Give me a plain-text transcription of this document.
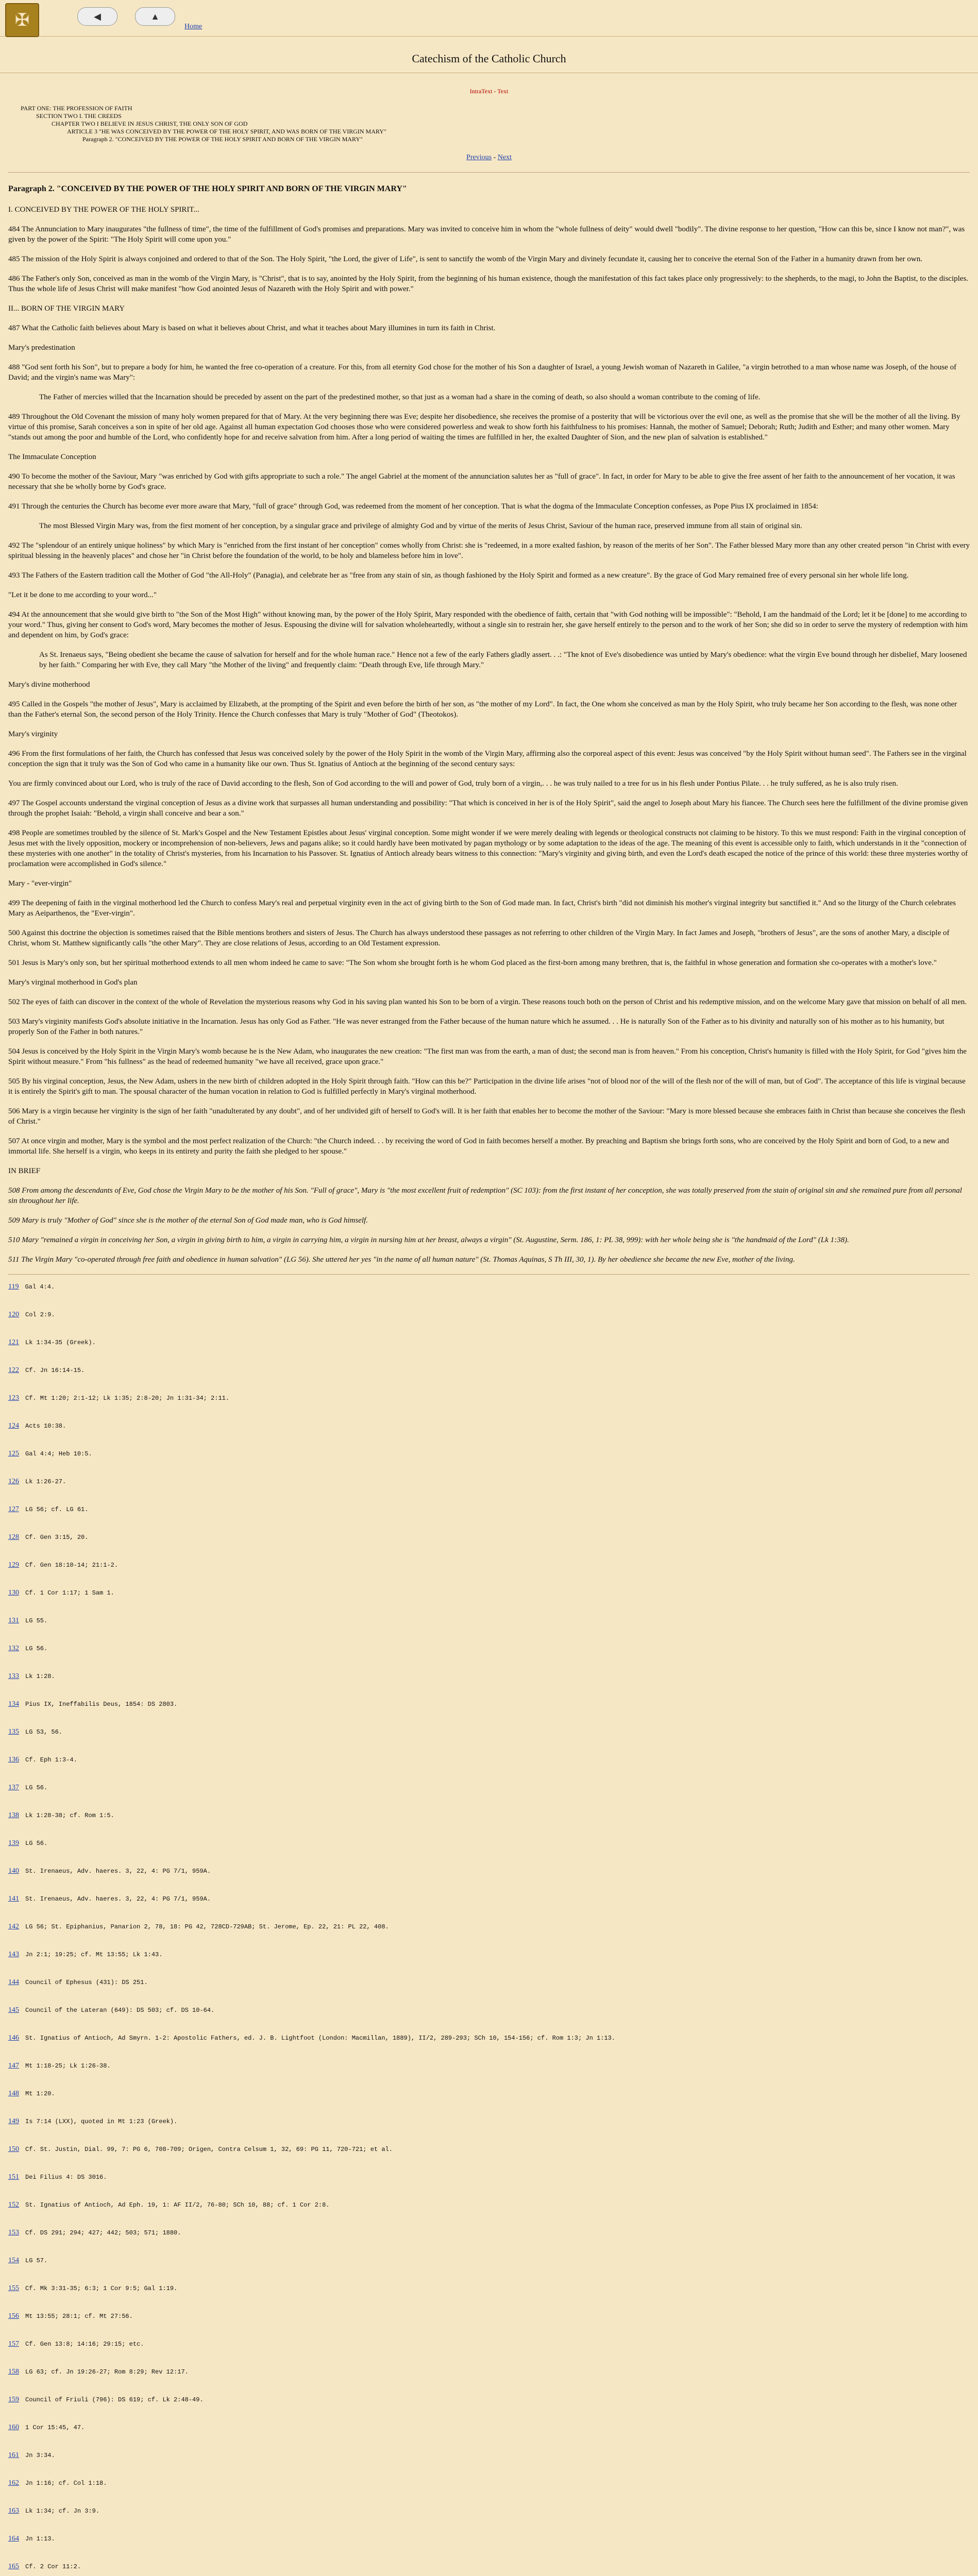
✠	◀	▲
Home
Catechism of the Catholic Church
IntraText - Text
PART ONE: THE PROFESSION OF FAITH
SECTION TWO I. THE CREEDS
CHAPTER TWO I BELIEVE IN JESUS CHRIST, THE ONLY SON OF GOD
ARTICLE 3 "HE WAS CONCEIVED BY THE POWER OF THE HOLY SPIRIT, AND WAS BORN OF THE VIRGIN MARY"
Paragraph 2. "CONCEIVED BY THE POWER OF THE HOLY SPIRIT AND BORN OF THE VIRGIN MARY"
Previous - Next
Paragraph 2. "CONCEIVED BY THE POWER OF THE HOLY SPIRIT AND BORN OF THE VIRGIN MARY"

I. CONCEIVED BY THE POWER OF THE HOLY SPIRIT...

484 The Annunciation to Mary inaugurates "the fullness of time", the time of the fulfillment of God's promises and preparations. Mary was invited to conceive him in whom the "whole fullness of deity" would dwell "bodily". The divine response to her question, "How can this be, since I know not man?", was given by the power of the Spirit: "The Holy Spirit will come upon you."

485 The mission of the Holy Spirit is always conjoined and ordered to that of the Son. The Holy Spirit, "the Lord, the giver of Life", is sent to sanctify the womb of the Virgin Mary and divinely fecundate it, causing her to conceive the eternal Son of the Father in a humanity drawn from her own.

486 The Father's only Son, conceived as man in the womb of the Virgin Mary, is "Christ", that is to say, anointed by the Holy Spirit, from the beginning of his human existence, though the manifestation of this fact takes place only progressively: to the shepherds, to the magi, to John the Baptist, to the disciples. Thus the whole life of Jesus Christ will make manifest "how God anointed Jesus of Nazareth with the Holy Spirit and with power."

II... BORN OF THE VIRGIN MARY

487 What the Catholic faith believes about Mary is based on what it believes about Christ, and what it teaches about Mary illumines in turn its faith in Christ.

Mary's predestination

488 "God sent forth his Son", but to prepare a body for him, he wanted the free co-operation of a creature. For this, from all eternity God chose for the mother of his Son a daughter of Israel, a young Jewish woman of Nazareth in Galilee, "a virgin betrothed to a man whose name was Joseph, of the house of David; and the virgin's name was Mary":

The Father of mercies willed that the Incarnation should be preceded by assent on the part of the predestined mother, so that just as a woman had a share in the coming of death, so also should a woman contribute to the coming of life.

489 Throughout the Old Covenant the mission of many holy women prepared for that of Mary. At the very beginning there was Eve; despite her disobedience, she receives the promise of a posterity that will be victorious over the evil one, as well as the promise that she will be the mother of all the living. By virtue of this promise, Sarah conceives a son in spite of her old age. Against all human expectation God chooses those who were considered powerless and weak to show forth his faithfulness to his promises: Hannah, the mother of Samuel; Deborah; Ruth; Judith and Esther; and many other women. Mary "stands out among the poor and humble of the Lord, who confidently hope for and receive salvation from him. After a long period of waiting the times are fulfilled in her, the exalted Daughter of Sion, and the new plan of salvation is established."

The Immaculate Conception

490 To become the mother of the Saviour, Mary "was enriched by God with gifts appropriate to such a role." The angel Gabriel at the moment of the annunciation salutes her as "full of grace". In fact, in order for Mary to be able to give the free assent of her faith to the announcement of her vocation, it was necessary that she be wholly borne by God's grace.

491 Through the centuries the Church has become ever more aware that Mary, "full of grace" through God, was redeemed from the moment of her conception. That is what the dogma of the Immaculate Conception confesses, as Pope Pius IX proclaimed in 1854:

The most Blessed Virgin Mary was, from the first moment of her conception, by a singular grace and privilege of almighty God and by virtue of the merits of Jesus Christ, Saviour of the human race, preserved immune from all stain of original sin.

492 The "splendour of an entirely unique holiness" by which Mary is "enriched from the first instant of her conception" comes wholly from Christ: she is "redeemed, in a more exalted fashion, by reason of the merits of her Son". The Father blessed Mary more than any other created person "in Christ with every spiritual blessing in the heavenly places" and chose her "in Christ before the foundation of the world, to be holy and blameless before him in love".

493 The Fathers of the Eastern tradition call the Mother of God "the All-Holy" (Panagia), and celebrate her as "free from any stain of sin, as though fashioned by the Holy Spirit and formed as a new creature". By the grace of God Mary remained free of every personal sin her whole life long.

"Let it be done to me according to your word..."

494 At the announcement that she would give birth to "the Son of the Most High" without knowing man, by the power of the Holy Spirit, Mary responded with the obedience of faith, certain that "with God nothing will be impossible": "Behold, I am the handmaid of the Lord; let it be [done] to me according to your word." Thus, giving her consent to God's word, Mary becomes the mother of Jesus. Espousing the divine will for salvation wholeheartedly, without a single sin to restrain her, she gave herself entirely to the person and to the work of her Son; she did so in order to serve the mystery of redemption with him and dependent on him, by God's grace:

As St. Irenaeus says, "Being obedient she became the cause of salvation for herself and for the whole human race." Hence not a few of the early Fathers gladly assert. . .: "The knot of Eve's disobedience was untied by Mary's obedience: what the virgin Eve bound through her disbelief, Mary loosened by her faith." Comparing her with Eve, they call Mary "the Mother of the living" and frequently claim: "Death through Eve, life through Mary."

Mary's divine motherhood

495 Called in the Gospels "the mother of Jesus", Mary is acclaimed by Elizabeth, at the prompting of the Spirit and even before the birth of her son, as "the mother of my Lord". In fact, the One whom she conceived as man by the Holy Spirit, who truly became her Son according to the flesh, was none other than the Father's eternal Son, the second person of the Holy Trinity. Hence the Church confesses that Mary is truly "Mother of God" (Theotokos).

Mary's virginity

496 From the first formulations of her faith, the Church has confessed that Jesus was conceived solely by the power of the Holy Spirit in the womb of the Virgin Mary, affirming also the corporeal aspect of this event: Jesus was conceived "by the Holy Spirit without human seed". The Fathers see in the virginal conception the sign that it truly was the Son of God who came in a humanity like our own. Thus St. Ignatius of Antioch at the beginning of the second century says:

You are firmly convinced about our Lord, who is truly of the race of David according to the flesh, Son of God according to the will and power of God, truly born of a virgin,. . . he was truly nailed to a tree for us in his flesh under Pontius Pilate. . . he truly suffered, as he is also truly risen.

497 The Gospel accounts understand the virginal conception of Jesus as a divine work that surpasses all human understanding and possibility: "That which is conceived in her is of the Holy Spirit", said the angel to Joseph about Mary his fiancee. The Church sees here the fulfillment of the divine promise given through the prophet Isaiah: "Behold, a virgin shall conceive and bear a son."

498 People are sometimes troubled by the silence of St. Mark's Gospel and the New Testament Epistles about Jesus' virginal conception. Some might wonder if we were merely dealing with legends or theological constructs not claiming to be history. To this we must respond: Faith in the virginal conception of Jesus met with the lively opposition, mockery or incomprehension of non-believers, Jews and pagans alike; so it could hardly have been motivated by pagan mythology or by some adaptation to the ideas of the age. The meaning of this event is accessible only to faith, which understands in it the "connection of these mysteries with one another" in the totality of Christ's mysteries, from his Incarnation to his Passover. St. Ignatius of Antioch already bears witness to this connection: "Mary's virginity and giving birth, and even the Lord's death escaped the notice of the prince of this world: these three mysteries worthy of proclamation were accomplished in God's silence."

Mary - "ever-virgin"

499 The deepening of faith in the virginal motherhood led the Church to confess Mary's real and perpetual virginity even in the act of giving birth to the Son of God made man. In fact, Christ's birth "did not diminish his mother's virginal integrity but sanctified it." And so the liturgy of the Church celebrates Mary as Aeiparthenos, the "Ever-virgin".

500 Against this doctrine the objection is sometimes raised that the Bible mentions brothers and sisters of Jesus. The Church has always understood these passages as not referring to other children of the Virgin Mary. In fact James and Joseph, "brothers of Jesus", are the sons of another Mary, a disciple of Christ, whom St. Matthew significantly calls "the other Mary". They are close relations of Jesus, according to an Old Testament expression.

501 Jesus is Mary's only son, but her spiritual motherhood extends to all men whom indeed he came to save: "The Son whom she brought forth is he whom God placed as the first-born among many brethren, that is, the faithful in whose generation and formation she co-operates with a mother's love."

Mary's virginal motherhood in God's plan

502 The eyes of faith can discover in the context of the whole of Revelation the mysterious reasons why God in his saving plan wanted his Son to be born of a virgin. These reasons touch both on the person of Christ and his redemptive mission, and on the welcome Mary gave that mission on behalf of all men.

503 Mary's virginity manifests God's absolute initiative in the Incarnation. Jesus has only God as Father. "He was never estranged from the Father because of the human nature which he assumed. . . He is naturally Son of the Father as to his divinity and naturally son of his mother as to his humanity, but properly Son of the Father in both natures."

504 Jesus is conceived by the Holy Spirit in the Virgin Mary's womb because he is the New Adam, who inaugurates the new creation: "The first man was from the earth, a man of dust; the second man is from heaven." From his conception, Christ's humanity is filled with the Holy Spirit, for God "gives him the Spirit without measure." From "his fullness" as the head of redeemed humanity "we have all received, grace upon grace."

505 By his virginal conception, Jesus, the New Adam, ushers in the new birth of children adopted in the Holy Spirit through faith. "How can this be?" Participation in the divine life arises "not of blood nor of the will of the flesh nor of the will of man, but of God". The acceptance of this life is virginal because it is entirely the Spirit's gift to man. The spousal character of the human vocation in relation to God is fulfilled perfectly in Mary's virginal motherhood.

506 Mary is a virgin because her virginity is the sign of her faith "unadulterated by any doubt", and of her undivided gift of herself to God's will. It is her faith that enables her to become the mother of the Saviour: "Mary is more blessed because she embraces faith in Christ than because she conceives the flesh of Christ."

507 At once virgin and mother, Mary is the symbol and the most perfect realization of the Church: "the Church indeed. . . by receiving the word of God in faith becomes herself a mother. By preaching and Baptism she brings forth sons, who are conceived by the Holy Spirit and born of God, to a new and immortal life. She herself is a virgin, who keeps in its entirety and purity the faith she pledged to her spouse."

IN BRIEF

508 From among the descendants of Eve, God chose the Virgin Mary to be the mother of his Son. "Full of grace", Mary is "the most excellent fruit of redemption" (SC 103): from the first instant of her conception, she was totally preserved from the stain of original sin and she remained pure from all personal sin throughout her life.

509 Mary is truly "Mother of God" since she is the mother of the eternal Son of God made man, who is God himself.

510 Mary "remained a virgin in conceiving her Son, a virgin in giving birth to him, a virgin in carrying him, a virgin in nursing him at her breast, always a virgin" (St. Augustine, Serm. 186, 1: PL 38, 999): with her whole being she is "the handmaid of the Lord" (Lk 1:38).

511 The Virgin Mary "co-operated through free faith and obedience in human salvation" (LG 56). She uttered her yes "in the name of all human nature" (St. Thomas Aquinas, S Th III, 30, 1). By her obedience she became the new Eve, mother of the living.

119 Gal 4:4.
120 Col 2:9.
121 Lk 1:34-35 (Greek).
122 Cf. Jn 16:14-15.
123 Cf. Mt 1:20; 2:1-12; Lk 1:35; 2:8-20; Jn 1:31-34; 2:11.
124 Acts 10:38.
125 Gal 4:4; Heb 10:5.
126 Lk 1:26-27.
127 LG 56; cf. LG 61.
128 Cf. Gen 3:15, 20.
129 Cf. Gen 18:10-14; 21:1-2.
130 Cf. 1 Cor 1:17; 1 Sam 1.
131 LG 55.
132 LG 56.
133 Lk 1:28.
134 Pius IX, Ineffabilis Deus, 1854: DS 2803.
135 LG 53, 56.
136 Cf. Eph 1:3-4.
137 LG 56.
138 Lk 1:28-38; cf. Rom 1:5.
139 LG 56.
140 St. Irenaeus, Adv. haeres. 3, 22, 4: PG 7/1, 959A.
141 St. Irenaeus, Adv. haeres. 3, 22, 4: PG 7/1, 959A.
142 LG 56; St. Epiphanius, Panarion 2, 78, 18: PG 42, 728CD-729AB; St. Jerome, Ep. 22, 21: PL 22, 408.
143 Jn 2:1; 19:25; cf. Mt 13:55; Lk 1:43.
144 Council of Ephesus (431): DS 251.
145 Council of the Lateran (649): DS 503; cf. DS 10-64.
146 St. Ignatius of Antioch, Ad Smyrn. 1-2: Apostolic Fathers, ed. J. B. Lightfoot (London: Macmillan, 1889), II/2, 289-293; SCh 10, 154-156; cf. Rom 1:3; Jn 1:13.
147 Mt 1:18-25; Lk 1:26-38.
148 Mt 1:20.
149 Is 7:14 (LXX), quoted in Mt 1:23 (Greek).
150 Cf. St. Justin, Dial. 99, 7: PG 6, 708-709; Origen, Contra Celsum 1, 32, 69: PG 11, 720-721; et al.
151 Dei Filius 4: DS 3016.
152 St. Ignatius of Antioch, Ad Eph. 19, 1: AF II/2, 76-80; SCh 10, 88; cf. 1 Cor 2:8.
153 Cf. DS 291; 294; 427; 442; 503; 571; 1880.
154 LG 57.
155 Cf. Mk 3:31-35; 6:3; 1 Cor 9:5; Gal 1:19.
156 Mt 13:55; 28:1; cf. Mt 27:56.
157 Cf. Gen 13:8; 14:16; 29:15; etc.
158 LG 63; cf. Jn 19:26-27; Rom 8:29; Rev 12:17.
159 Council of Friuli (796): DS 619; cf. Lk 2:48-49.
160 1 Cor 15:45, 47.
161 Jn 3:34.
162 Jn 1:16; cf. Col 1:18.
163 Lk 1:34; cf. Jn 3:9.
164 Jn 1:13.
165 Cf. 2 Cor 11:2.
